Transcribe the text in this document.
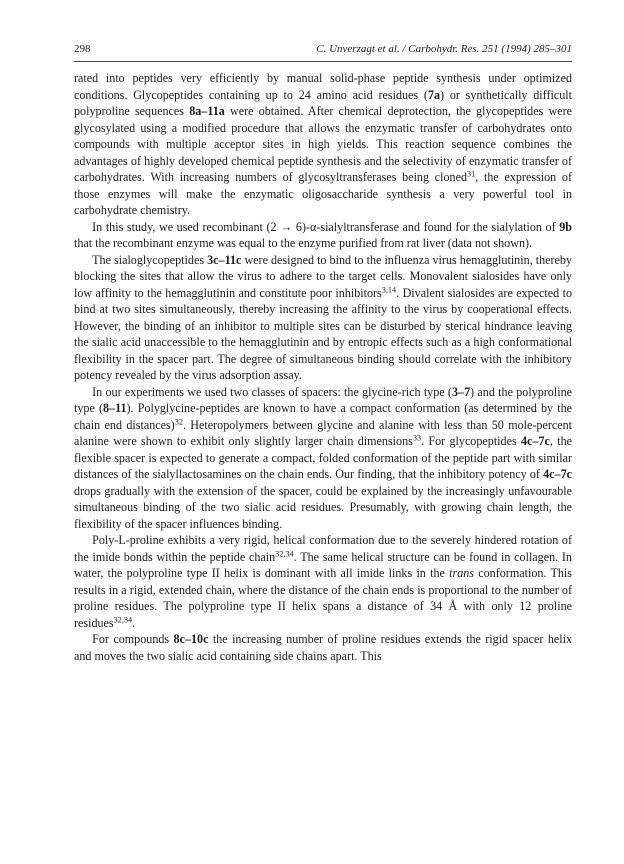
298	C. Unverzagt et al. / Carbohydr. Res. 251 (1994) 285–301

rated into peptides very efficiently by manual solid-phase peptide synthesis under optimized conditions. Glycopeptides containing up to 24 amino acid residues (7a) or synthetically difficult polyproline sequences 8a–11a were obtained. After chemical deprotection, the glycopeptides were glycosylated using a modified procedure that allows the enzymatic transfer of carbohydrates onto compounds with multiple acceptor sites in high yields. This reaction sequence combines the advantages of highly developed chemical peptide synthesis and the selectivity of enzymatic transfer of carbohydrates. With increasing numbers of glycosyltransferases being cloned$^{31}$, the expression of those enzymes will make the enzymatic oligosaccharide synthesis a very powerful tool in carbohydrate chemistry.

In this study, we used recombinant (2 → 6)-α-sialyltransferase and found for the sialylation of 9b that the recombinant enzyme was equal to the enzyme purified from rat liver (data not shown).

The sialoglycopeptides 3c–11c were designed to bind to the influenza virus hemagglutinin, thereby blocking the sites that allow the virus to adhere to the target cells. Monovalent sialosides have only low affinity to the hemagglutinin and constitute poor inhibitors$^{3,14}$. Divalent sialosides are expected to bind at two sites simultaneously, thereby increasing the affinity to the virus by cooperational effects. However, the binding of an inhibitor to multiple sites can be disturbed by sterical hindrance leaving the sialic acid unaccessible to the hemagglutinin and by entropic effects such as a high conformational flexibility in the spacer part. The degree of simultaneous binding should correlate with the inhibitory potency revealed by the virus adsorption assay.

In our experiments we used two classes of spacers: the glycine-rich type (3–7) and the polyproline type (8–11). Polyglycine-peptides are known to have a compact conformation (as determined by the chain end distances)$^{32}$. Heteropolymers between glycine and alanine with less than 50 mole-percent alanine were shown to exhibit only slightly larger chain dimensions$^{33}$. For glycopeptides 4c–7c, the flexible spacer is expected to generate a compact, folded conformation of the peptide part with similar distances of the sialyllactosamines on the chain ends. Our finding, that the inhibitory potency of 4c–7c drops gradually with the extension of the spacer, could be explained by the increasingly unfavourable simultaneous binding of the two sialic acid residues. Presumably, with growing chain length, the flexibility of the spacer influences binding.

Poly-L-proline exhibits a very rigid, helical conformation due to the severely hindered rotation of the imide bonds within the peptide chain$^{32,34}$. The same helical structure can be found in collagen. In water, the polyproline type II helix is dominant with all imide links in the trans conformation. This results in a rigid, extended chain, where the distance of the chain ends is proportional to the number of proline residues. The polyproline type II helix spans a distance of 34 Å with only 12 proline residues$^{32,34}$.

For compounds 8c–10c the increasing number of proline residues extends the rigid spacer helix and moves the two sialic acid containing side chains apart. This
